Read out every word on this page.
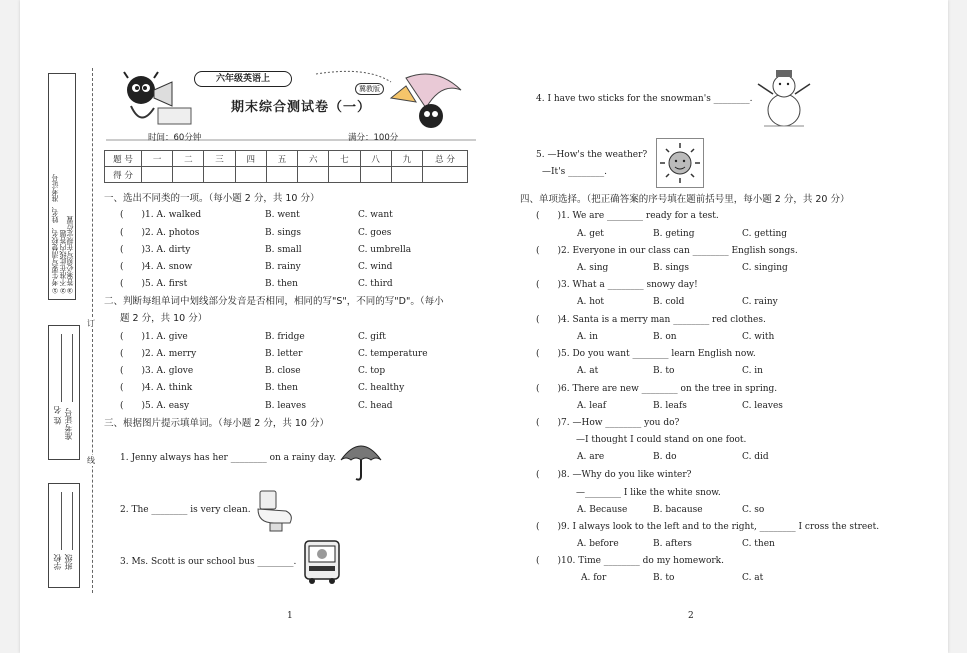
①考生要写清楚校名、姓名、准考证号 ②不准在此线内答题 ③答案必须写在规定位置
姓 名 准考证号
学校 班级
订
线
六年级英语上
冀教版
期末综合测试卷（一）
时间：60分钟	满分：100分
题 号	一	二	三	四	五	六	七	八	九	总 分
得 分										
一、选出不同类的一项。（每小题 2 分，共 10 分）
(　　)1. A. walked	B. went	C. want
(　　)2. A. photos	B. sings	C. goes
(　　)3. A. dirty	B. small	C. umbrella
(　　)4. A. snow	B. rainy	C. wind
(　　)5. A. first	B. then	C. third
二、判断每组单词中划线部分发音是否相同，相同的写"S"，不同的写"D"。（每小
题 2 分，共 10 分）
(　　)1. A. give	B. fridge	C. gift
(　　)2. A. merry	B. letter	C. temperature
(　　)3. A. glove	B. close	C. top
(　　)4. A. think	B. then	C. healthy
(　　)5. A. easy	B. leaves	C. head
三、根据图片提示填单词。（每小题 2 分，共 10 分）
1. Jenny always has her ________ on a rainy day.
2. The ________ is very clean.
3. Ms. Scott is our school bus ________.
4. I have two sticks for the snowman's ________.
5. —How's the weather?
—It's ________.
四、单项选择。（把正确答案的序号填在题前括号里，每小题 2 分，共 20 分）
(　　)1. We are ________ ready for a test.
A. get	B. geting	C. getting
(　　)2. Everyone in our class can ________ English songs.
A. sing	B. sings	C. singing
(　　)3. What a ________ snowy day!
A. hot	B. cold	C. rainy
(　　)4. Santa is a merry man ________ red clothes.
A. in	B. on	C. with
(　　)5. Do you want ________ learn English now.
A. at	B. to	C. in
(　　)6. There are new ________ on the tree in spring.
A. leaf	B. leafs	C. leaves
(　　)7. —How ________ you do?
—I thought I could stand on one foot.
A. are	B. do	C. did
(　　)8. —Why do you like winter?
—________ I like the white snow.
A. Because	B. bacause	C. so
(　　)9. I always look to the left and to the right, ________ I cross the street.
A. before	B. afters	C. then
(　　)10. Time ________ do my homework.
A. for	B. to	C. at
1	2
